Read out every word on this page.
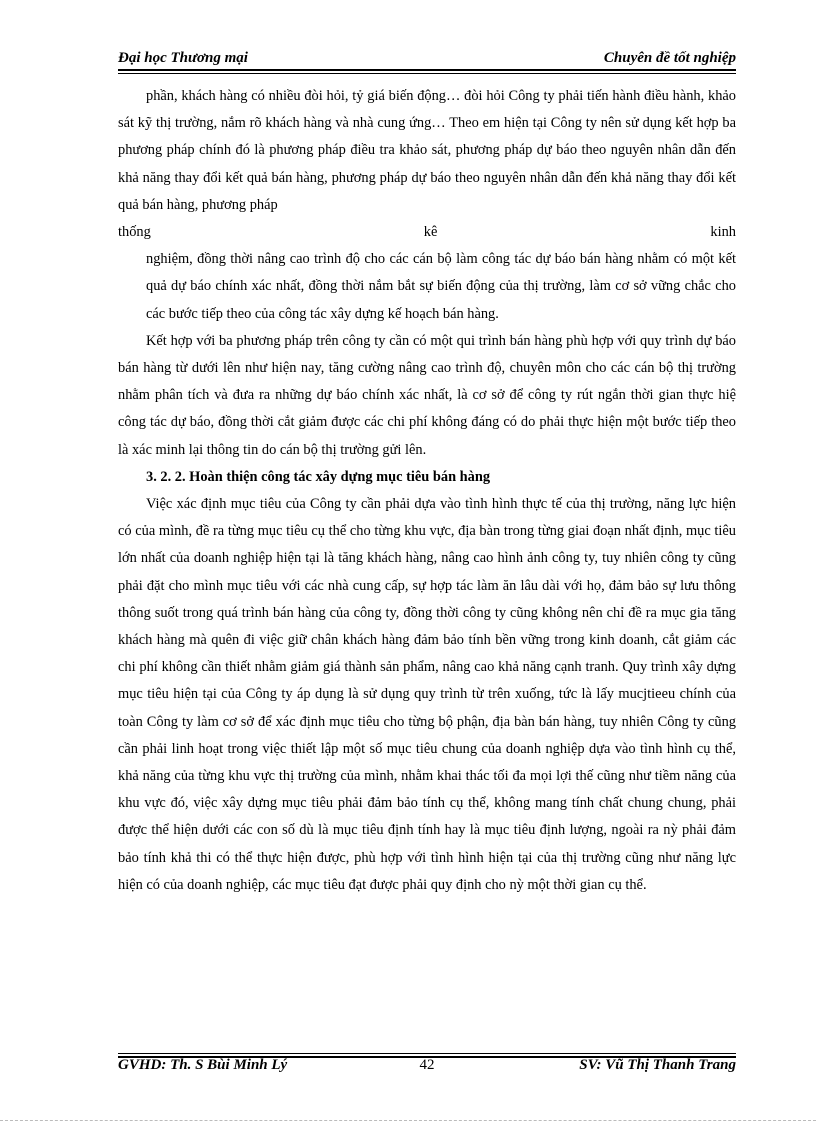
Đại học Thương mại	Chuyên đề tốt nghiệp

phần, khách hàng có nhiều đòi hỏi, tỷ giá biến động… đòi hỏi Công ty phải tiến hành điều hành, khảo sát kỹ thị trường, nắm rõ khách hàng và nhà cung ứng… Theo em hiện tại Công ty nên sử dụng kết hợp ba phương pháp chính đó là phương pháp điều tra khảo sát, phương pháp dự báo theo nguyên nhân dẫn đến khả năng thay đổi kết quả bán hàng, phương pháp dự báo theo nguyên nhân dẫn đến khả năng thay đổi kết quả bán hàng, phương pháp

thống kê kinh

nghiệm, đồng thời nâng cao trình độ cho các cán bộ làm công tác dự báo bán hàng nhằm có một kết quả dự báo chính xác nhất, đồng thời nắm bắt sự biến động của thị trường, làm cơ sở vững chắc cho các bước tiếp theo của công tác xây dựng kế hoạch bán hàng.

Kết hợp với ba phương pháp trên công ty cần có một qui trình bán hàng phù hợp với quy trình dự báo bán hàng từ dưới lên như hiện nay, tăng cường nâng cao trình độ, chuyên môn cho các cán bộ thị trường nhằm phân tích và đưa ra những dự báo chính xác nhất, là cơ sở để công ty rút ngắn thời gian thực hiệ công tác dự báo, đồng thời cắt giảm được các chi phí không đáng có do phải thực hiện một bước tiếp theo là xác minh lại thông tin do cán bộ thị trường gửi lên.

3. 2. 2. Hoàn thiện công tác xây dựng mục tiêu bán hàng

Việc xác định mục tiêu của Công ty cần phải dựa vào tình hình thực tế của thị trường, năng lực hiện có của mình, đề ra từng mục tiêu cụ thể cho từng khu vực, địa bàn trong từng giai đoạn nhất định, mục tiêu lớn nhất của doanh nghiệp hiện tại là tăng khách hàng, nâng cao hình ảnh công ty, tuy nhiên công ty cũng phải đặt cho mình mục tiêu với các nhà cung cấp, sự hợp tác làm ăn lâu dài với họ, đảm bảo sự lưu thông thông suốt trong quá trình bán hàng của công ty, đồng thời công ty cũng không nên chỉ đề ra mục gia tăng khách hàng mà quên đi việc giữ chân khách hàng đảm bảo tính bền vững trong kinh doanh, cắt giảm các chi phí không cần thiết nhằm giảm giá thành sản phẩm, nâng cao khả năng cạnh tranh. Quy trình xây dựng mục tiêu hiện tại của Công ty áp dụng là sử dụng quy trình từ trên xuống, tức là lấy mucjtieeu chính của toàn Công ty làm cơ sở để xác định mục tiêu cho từng bộ phận, địa bàn bán hàng, tuy nhiên Công ty cũng cần phải linh hoạt trong việc thiết lập một số mục tiêu chung của doanh nghiệp dựa vào tình hình cụ thể, khả năng của từng khu vực thị trường của mình, nhằm khai thác tối đa mọi lợi thế cũng như tiềm năng của khu vực đó, việc xây dựng mục tiêu phải đảm bảo tính cụ thể, không mang tính chất chung chung, phải được thể hiện dưới các con số dù là mục tiêu định tính hay là mục tiêu định lượng, ngoài ra nỳ phải đảm bảo tính khả thi có thể thực hiện được, phù hợp với tình hình hiện tại của thị trường cũng như năng lực hiện có của doanh nghiệp, các mục tiêu đạt được phải quy định cho nỳ một thời gian cụ thể.

GVHD: Th. S Bùi Minh Lý	42	SV: Vũ Thị Thanh Trang
